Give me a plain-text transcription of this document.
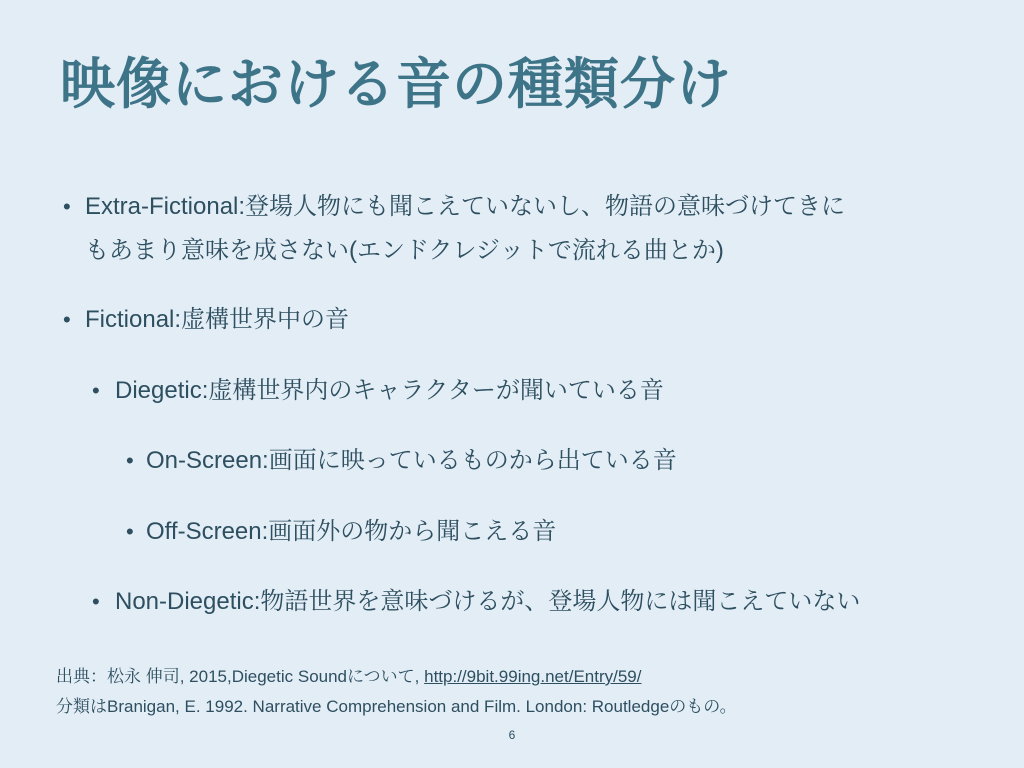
映像における音の種類分け
• Extra-Fictional:登場人物にも聞こえていないし、物語の意味づけてきに
もあまり意味を成さない(エンドクレジットで流れる曲とか)
• Fictional:虚構世界中の音
• Diegetic:虚構世界内のキャラクターが聞いている音
• On-Screen:画面に映っているものから出ている音
• Off-Screen:画面外の物から聞こえる音
• Non-Diegetic:物語世界を意味づけるが、登場人物には聞こえていない
出典：松永 伸司, 2015,Diegetic Soundについて, http://9bit.99ing.net/Entry/59/
分類はBranigan, E. 1992. Narrative Comprehension and Film. London: Routledgeのもの。
6
